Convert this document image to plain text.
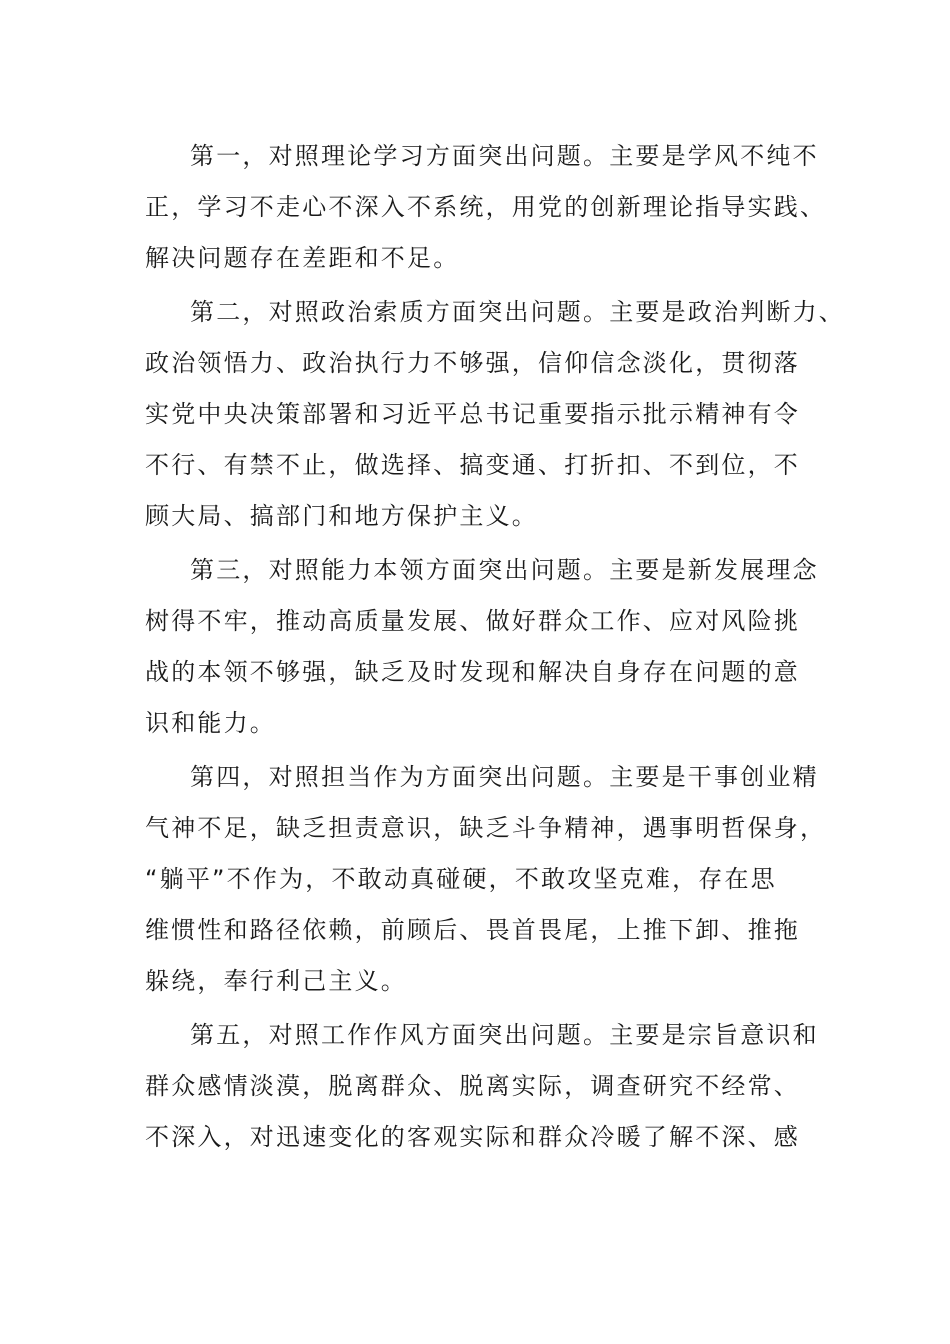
第一，对照理论学习方面突出问题。主要是学风不纯不
正，学习不走心不深入不系统，用党的创新理论指导实践、
解决问题存在差距和不足。
第二，对照政治索质方面突出问题。主要是政治判断力、
政治领悟力、政治执行力不够强，信仰信念淡化，贯彻落
实党中央决策部署和习近平总书记重要指示批示精神有令
不行、有禁不止，做选择、搞变通、打折扣、不到位，不
顾大局、搞部门和地方保护主义。
第三，对照能力本领方面突出问题。主要是新发展理念
树得不牢，推动高质量发展、做好群众工作、应对风险挑
战的本领不够强，缺乏及时发现和解决自身存在问题的意
识和能力。
第四，对照担当作为方面突出问题。主要是干事创业精
气神不足，缺乏担责意识，缺乏斗争精神，遇事明哲保身，
“躺平”不作为，不敢动真碰硬，不敢攻坚克难，存在思
维惯性和路径依赖，前顾后、畏首畏尾，上推下卸、推拖
躲绕，奉行利己主义。
第五，对照工作作风方面突出问题。主要是宗旨意识和
群众感情淡漠，脱离群众、脱离实际，调查研究不经常、
不深入，对迅速变化的客观实际和群众冷暖了解不深、感
